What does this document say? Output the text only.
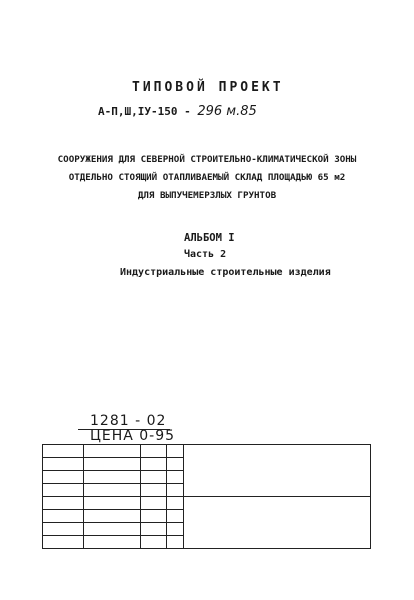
ТИПОВОЙ ПРОЕКТ
А-П,Ш,IУ-150 - 296 м.85
СООРУЖЕНИЯ ДЛЯ СЕВЕРНОЙ СТРОИТЕЛЬНО-КЛИМАТИЧЕСКОЙ ЗОНЫ
ОТДЕЛЬНО СТОЯЩИЙ ОТАПЛИВАЕМЫЙ СКЛАД ПЛОЩАДЬЮ 65 м2
ДЛЯ ВЫПУЧЕМЕРЗЛЫХ ГРУНТОВ
АЛЬБОМ I
Часть 2
Индустриальные строительные изделия
1281 - 02
ЦЕНА 0-95
